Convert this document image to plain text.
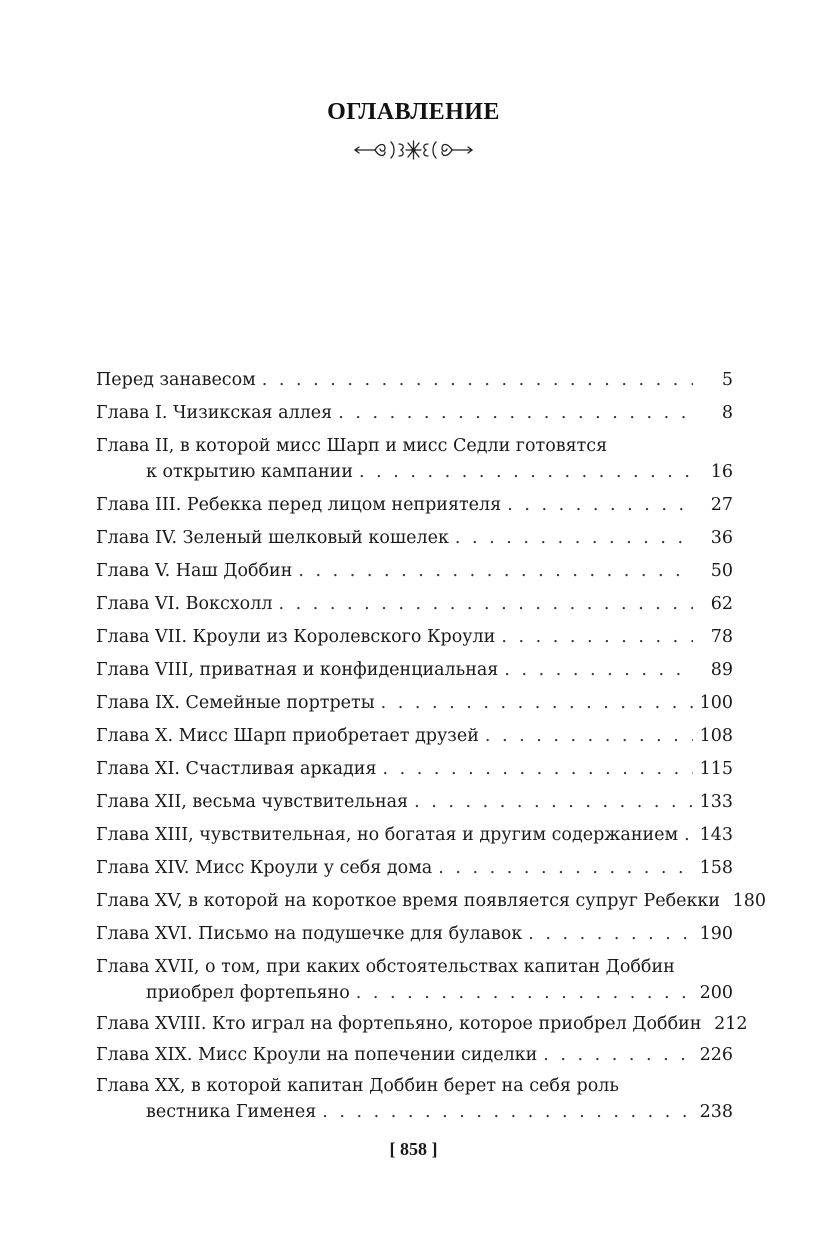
ОГЛАВЛЕНИЕ
Перед занавесом . . .	5
Глава I. Чизикская аллея . . .	8
Глава II, в которой мисс Шарп и мисс Седли готовятся
к открытию кампании . . .	16
Глава III. Ребекка перед лицом неприятеля . . .	27
Глава IV. Зеленый шелковый кошелек . . .	36
Глава V. Наш Доббин . . .	50
Глава VI. Воксхолл . . .	62
Глава VII. Кроули из Королевского Кроули . . .	78
Глава VIII, приватная и конфиденциальная . . .	89
Глава IX. Семейные портреты . . .	100
Глава X. Мисс Шарп приобретает друзей . . .	108
Глава XI. Счастливая аркадия . . .	115
Глава XII, весьма чувствительная . . .	133
Глава XIII, чувствительная, но богатая и другим содержанием . . . 143
Глава XIV. Мисс Кроули у себя дома . . .	158
Глава XV, в которой на короткое время появляется супруг Ребекки 180
Глава XVI. Письмо на подушечке для булавок . . .	190
Глава XVII, о том, при каких обстоятельствах капитан Доббин
приобрел фортепьяно . . .	200
Глава XVIII. Кто играл на фортепьяно, которое приобрел Доббин 212
Глава XIX. Мисс Кроули на попечении сиделки . . .	226
Глава XX, в которой капитан Доббин берет на себя роль
вестника Гименея . . .	238
[ 858 ]
